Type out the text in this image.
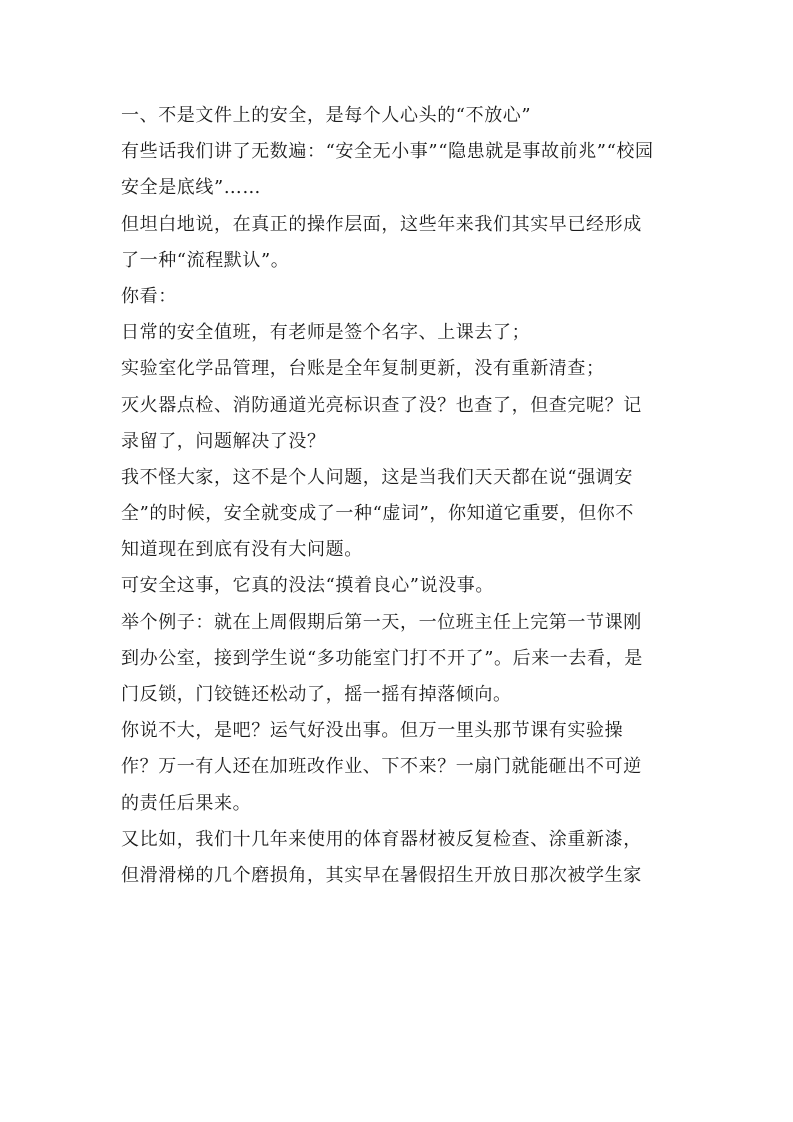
一、不是文件上的安全，是每个人心头的“不放心”
有些话我们讲了无数遍：“安全无小事”“隐患就是事故前兆”“校园
安全是底线”……
但坦白地说，在真正的操作层面，这些年来我们其实早已经形成
了一种“流程默认”。
你看：
日常的安全值班，有老师是签个名字、上课去了；
实验室化学品管理，台账是全年复制更新，没有重新清查；
灭火器点检、消防通道光亮标识查了没？也查了，但查完呢？记
录留了，问题解决了没？
我不怪大家，这不是个人问题，这是当我们天天都在说“强调安
全”的时候，安全就变成了一种“虚词”，你知道它重要，但你不
知道现在到底有没有大问题。
可安全这事，它真的没法“摸着良心”说没事。
举个例子：就在上周假期后第一天，一位班主任上完第一节课刚
到办公室，接到学生说“多功能室门打不开了”。后来一去看，是
门反锁，门铰链还松动了，摇一摇有掉落倾向。
你说不大，是吧？运气好没出事。但万一里头那节课有实验操
作？万一有人还在加班改作业、下不来？一扇门就能砸出不可逆
的责任后果来。
又比如，我们十几年来使用的体育器材被反复检查、涂重新漆，
但滑滑梯的几个磨损角，其实早在暑假招生开放日那次被学生家
